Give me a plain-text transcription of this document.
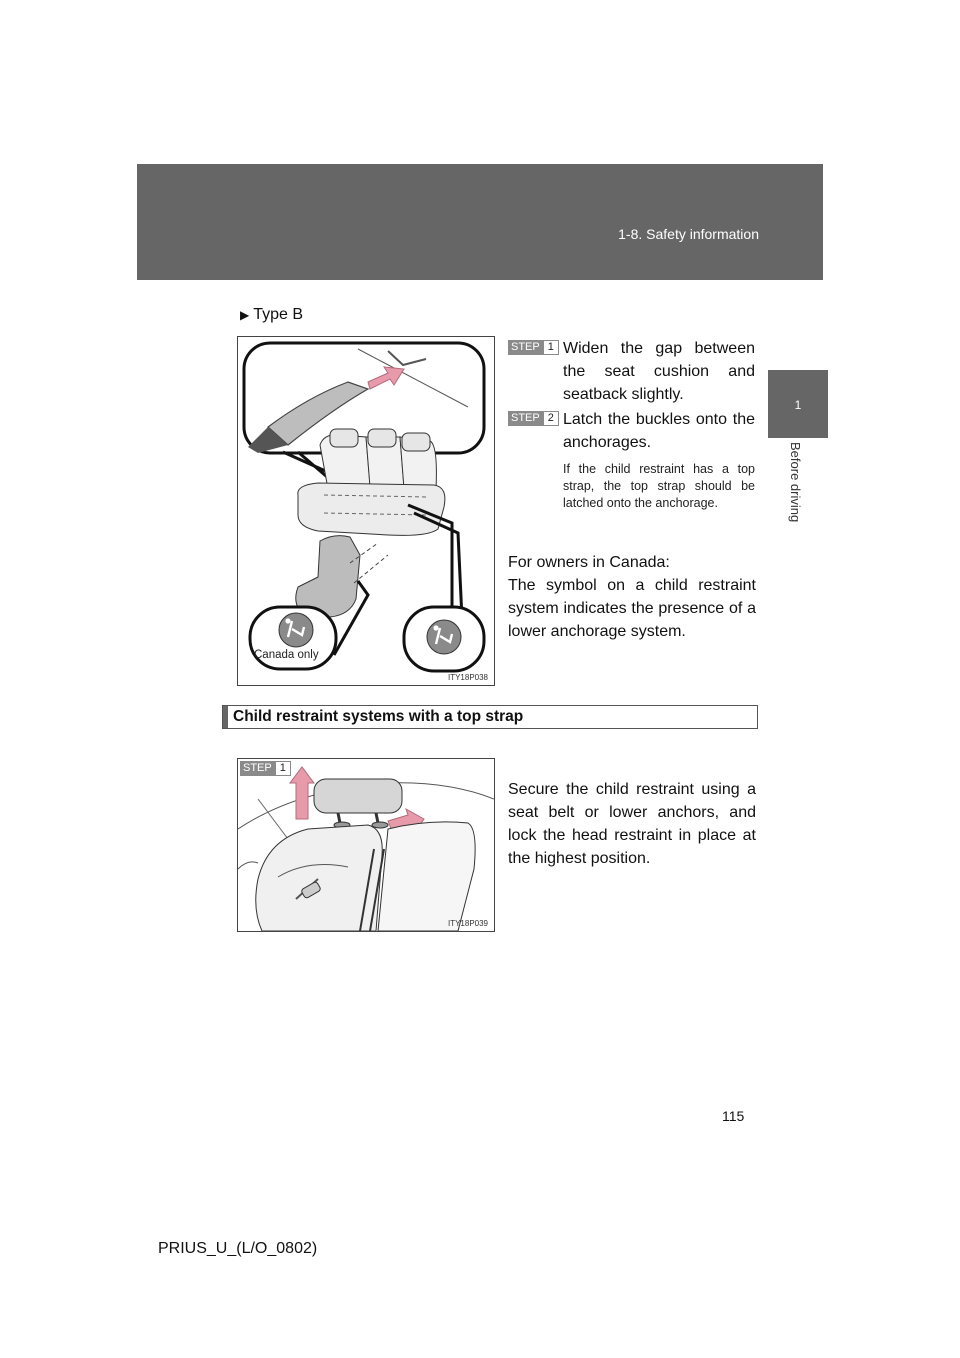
1-8. Safety information
1
Before driving
▶ Type B
Canada only
ITY18P038
STEP 1 Widen the gap between the seat cushion and seatback slightly.
STEP 2 Latch the buckles onto the anchorages.
If the child restraint has a top strap, the top strap should be latched onto the anchorage.
For owners in Canada:
The symbol on a child restraint system indicates the presence of a lower anchorage system.
Child restraint systems with a top strap
STEP 1
ITY18P039
Secure the child restraint using a seat belt or lower anchors, and lock the head restraint in place at the highest position.
115
PRIUS_U_(L/O_0802)
